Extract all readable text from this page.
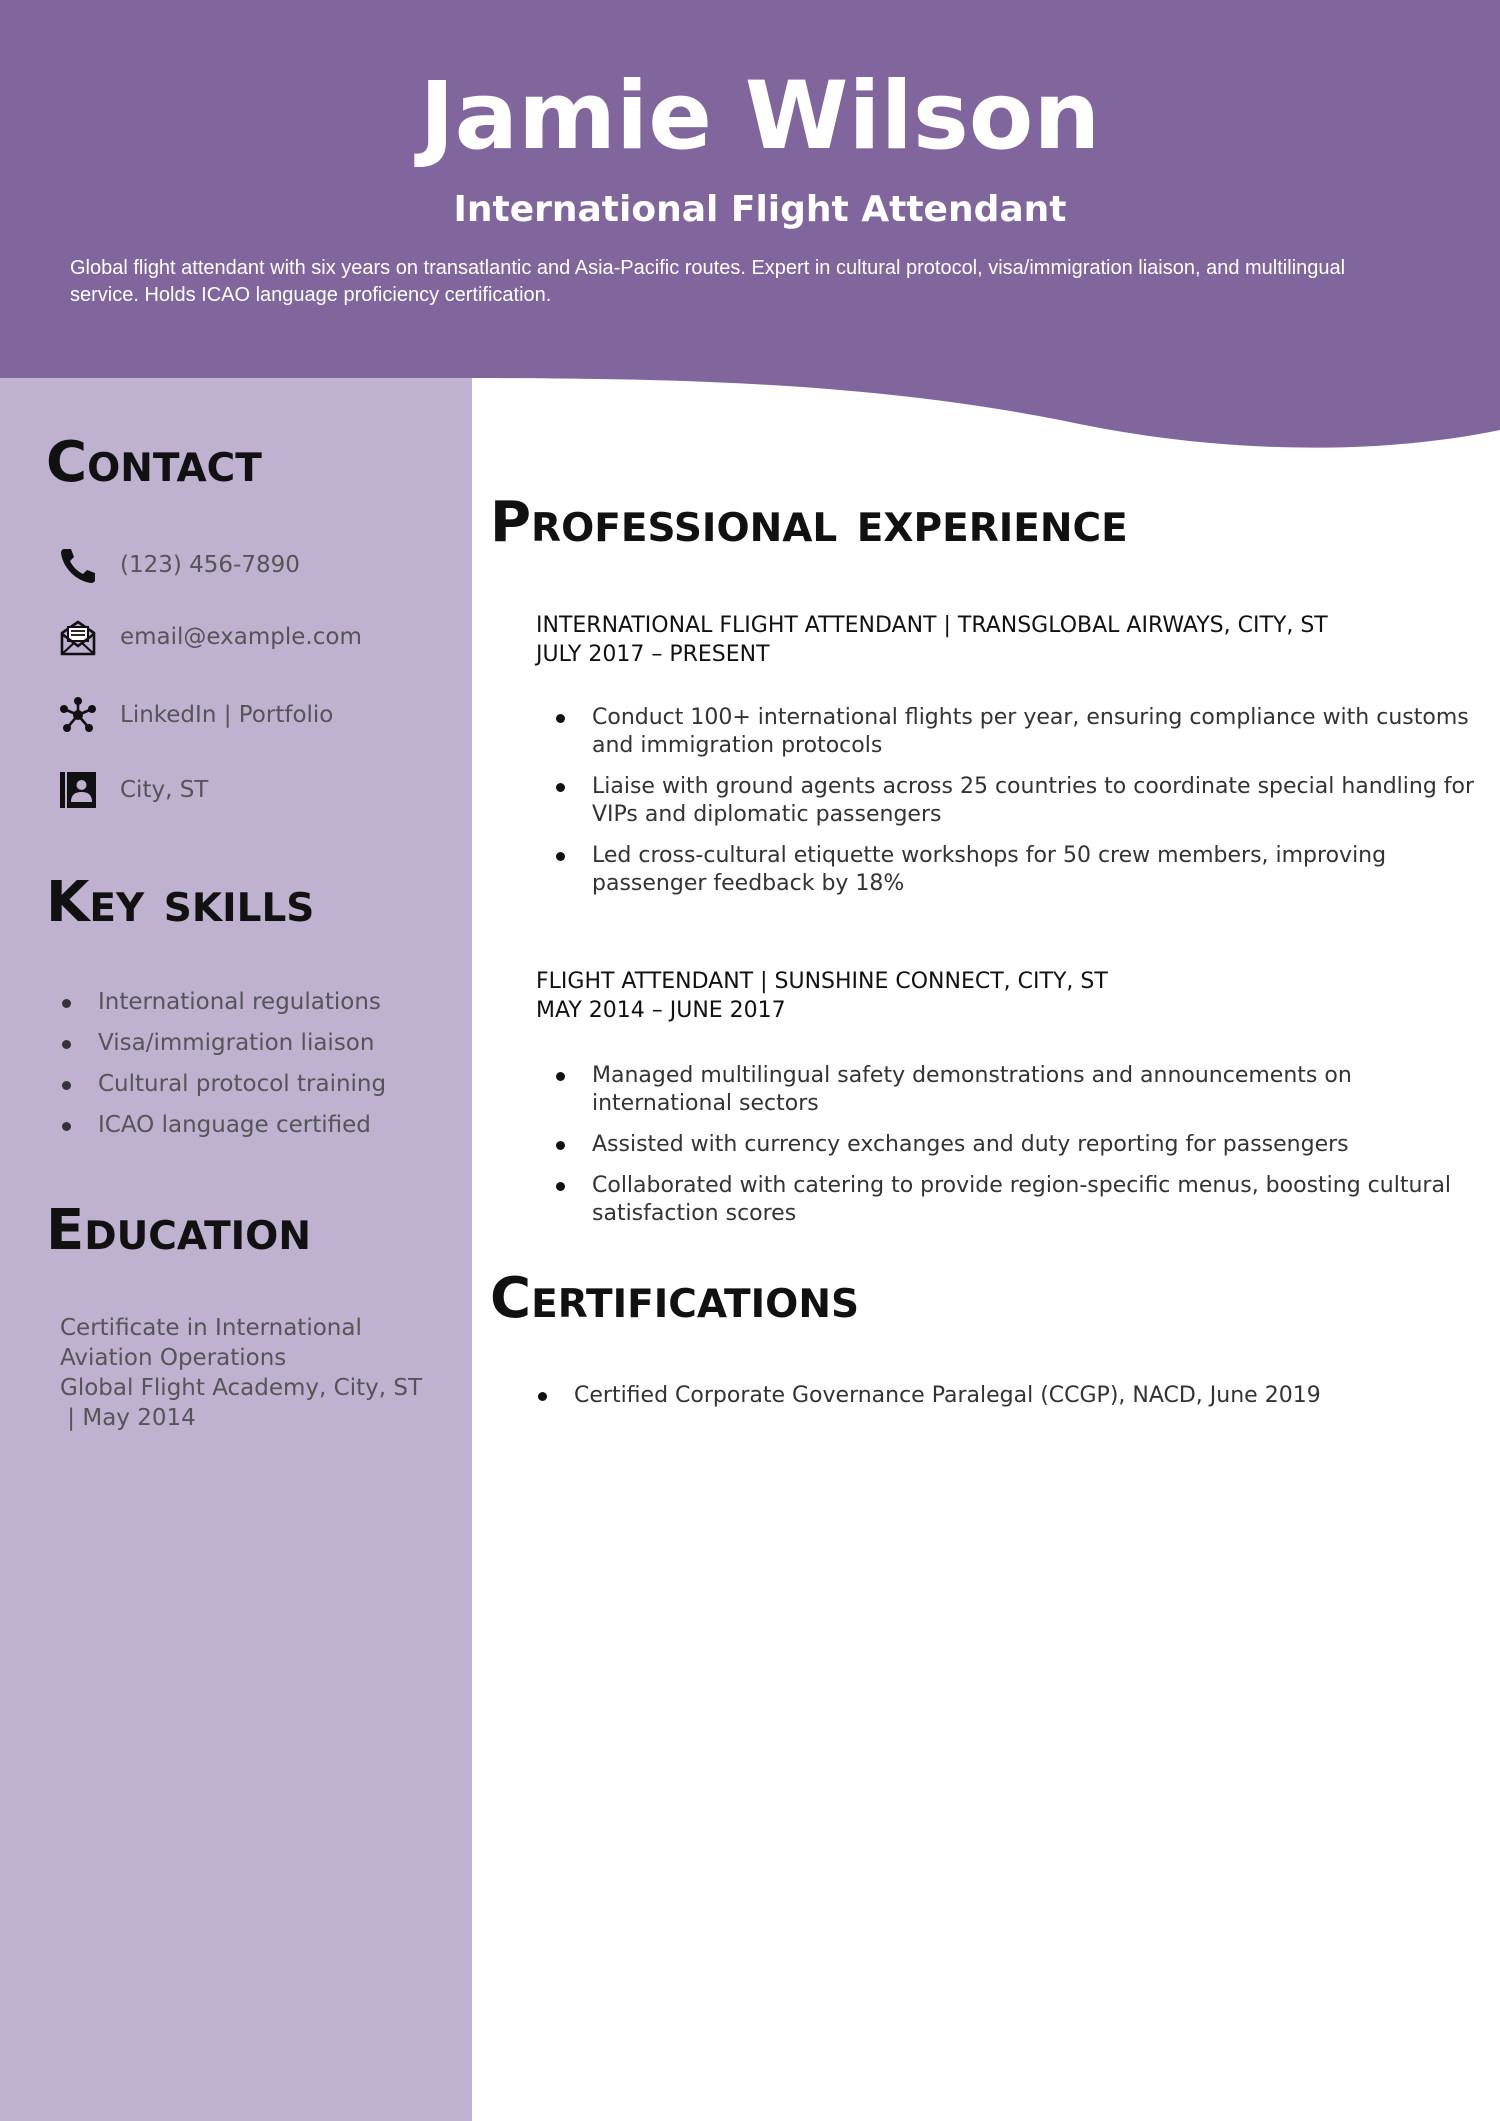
Jamie Wilson
International Flight Attendant
Global flight attendant with six years on transatlantic and Asia-Pacific routes. Expert in cultural protocol, visa/immigration liaison, and multilingual service. Holds ICAO language proficiency certification.
Contact
(123) 456-7890
email@example.com
LinkedIn | Portfolio
City, ST
Key skills
International regulations
Visa/immigration liaison
Cultural protocol training
ICAO language certified
Education
Certificate in International
Aviation Operations
Global Flight Academy, City, ST
| May 2014
Professional experience
INTERNATIONAL FLIGHT ATTENDANT | TRANSGLOBAL AIRWAYS, CITY, ST
JULY 2017 – PRESENT
Conduct 100+ international flights per year, ensuring compliance with customs and immigration protocols
Liaise with ground agents across 25 countries to coordinate special handling for VIPs and diplomatic passengers
Led cross-cultural etiquette workshops for 50 crew members, improving passenger feedback by 18%
FLIGHT ATTENDANT | SUNSHINE CONNECT, CITY, ST
MAY 2014 – JUNE 2017
Managed multilingual safety demonstrations and announcements on international sectors
Assisted with currency exchanges and duty reporting for passengers
Collaborated with catering to provide region-specific menus, boosting cultural satisfaction scores
Certifications
Certified Corporate Governance Paralegal (CCGP), NACD, June 2019
